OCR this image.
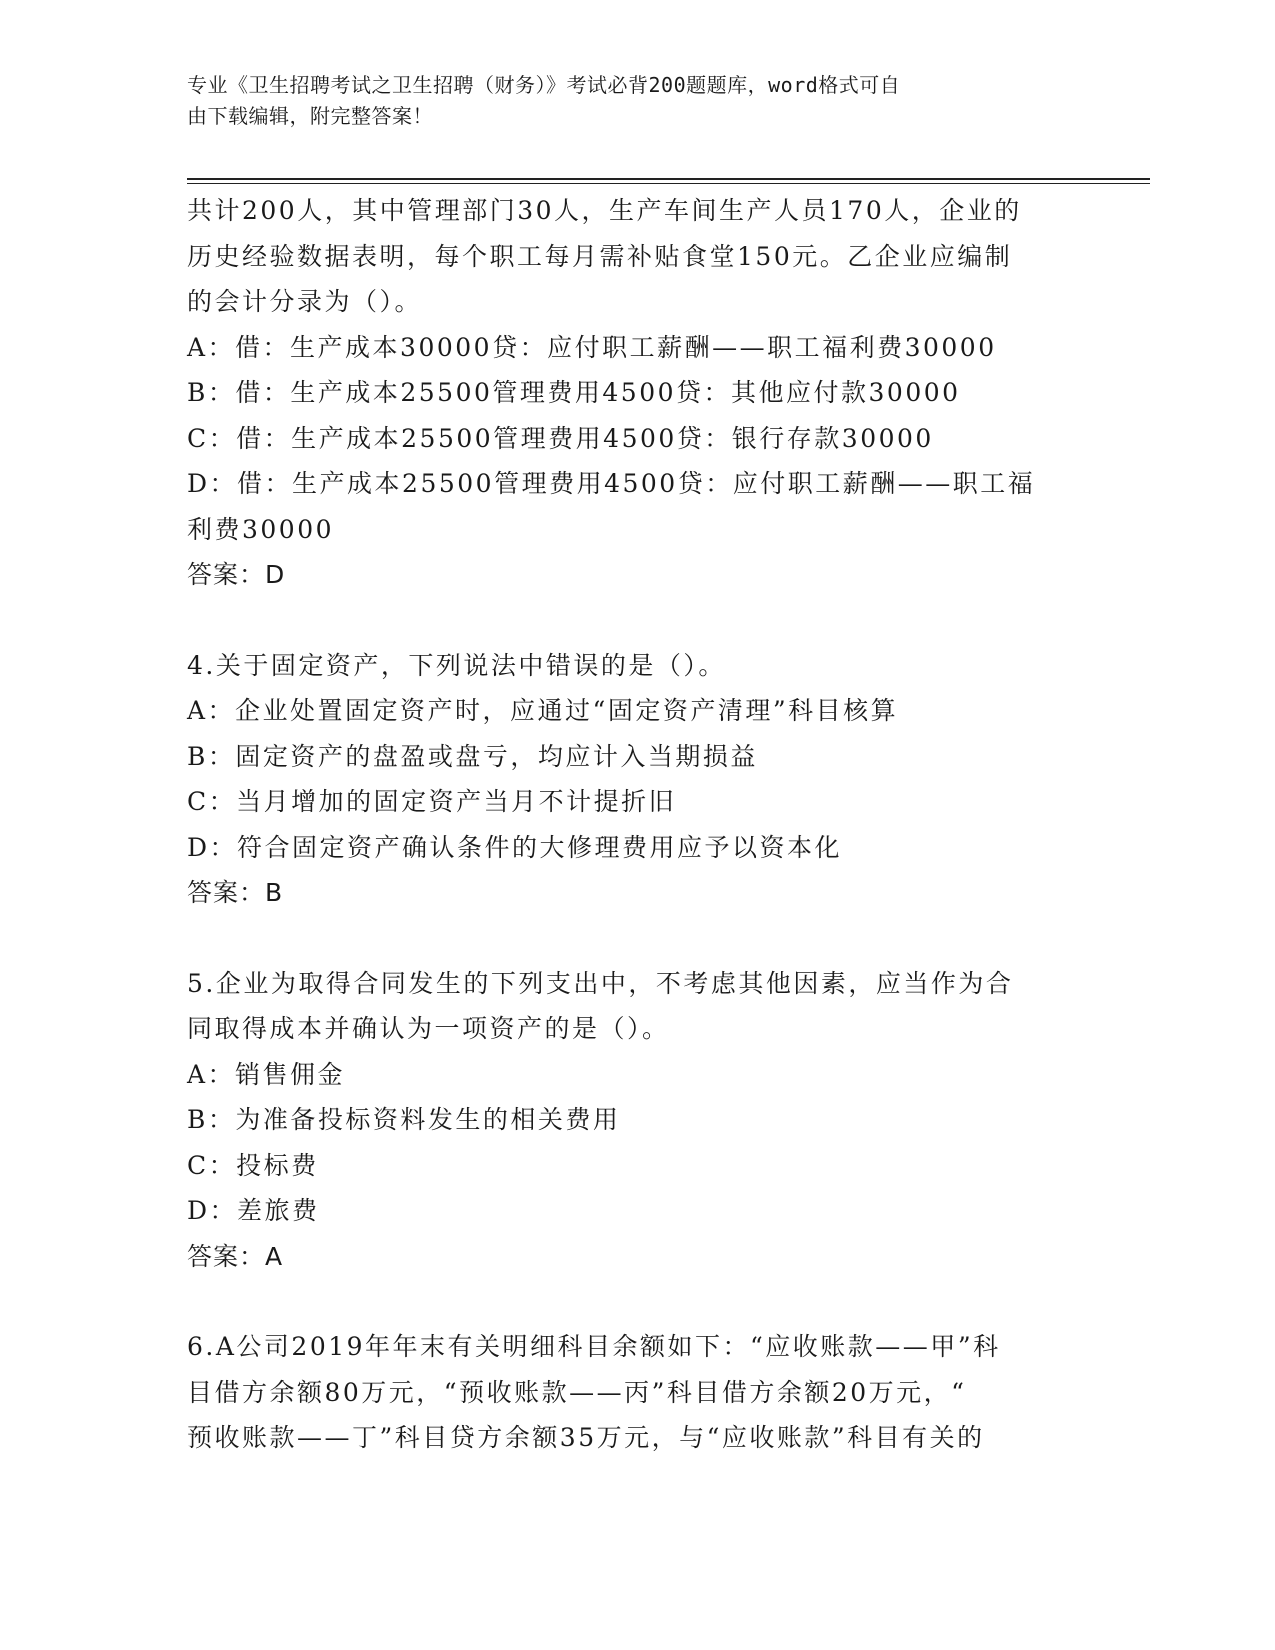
专业《卫生招聘考试之卫生招聘（财务）》考试必背200题题库，word格式可自
由下载编辑，附完整答案！
共计200人，其中管理部门30人，生产车间生产人员170人，企业的
历史经验数据表明，每个职工每月需补贴食堂150元。乙企业应编制
的会计分录为（）。
A：借：生产成本30000贷：应付职工薪酬——职工福利费30000
B：借：生产成本25500管理费用4500贷：其他应付款30000
C：借：生产成本25500管理费用4500贷：银行存款30000
D：借：生产成本25500管理费用4500贷：应付职工薪酬——职工福
利费30000
答案：D
4.关于固定资产，下列说法中错误的是（）。
A：企业处置固定资产时，应通过“固定资产清理”科目核算
B：固定资产的盘盈或盘亏，均应计入当期损益
C：当月增加的固定资产当月不计提折旧
D：符合固定资产确认条件的大修理费用应予以资本化
答案：B
5.企业为取得合同发生的下列支出中，不考虑其他因素，应当作为合
同取得成本并确认为一项资产的是（）。
A：销售佣金
B：为准备投标资料发生的相关费用
C：投标费
D：差旅费
答案：A
6.A公司2019年年末有关明细科目余额如下：“应收账款——甲”科
目借方余额80万元，“预收账款——丙”科目借方余额20万元，“
预收账款——丁”科目贷方余额35万元，与“应收账款”科目有关的
